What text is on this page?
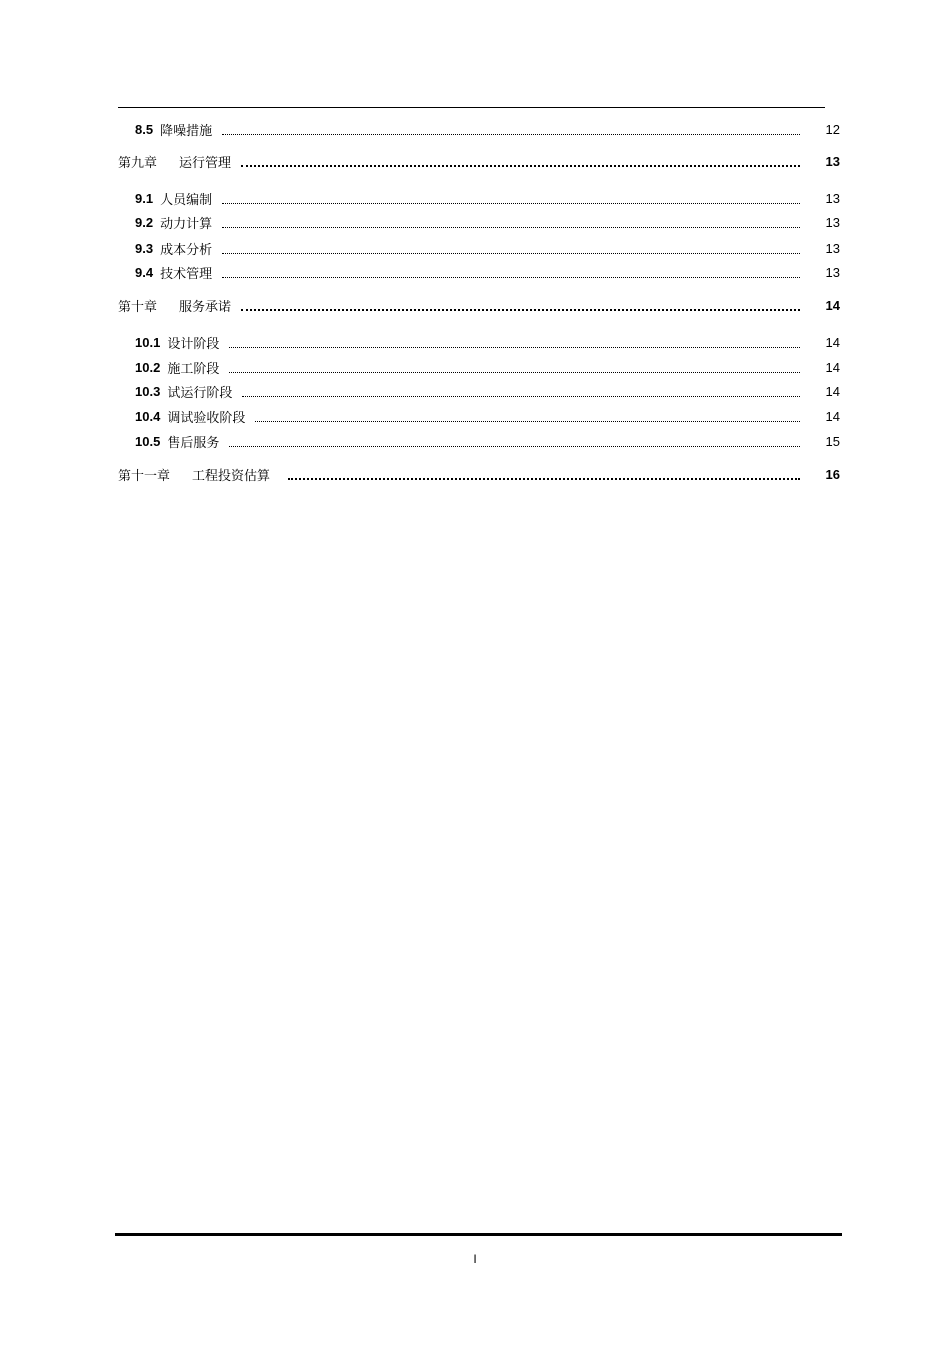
8.5 降噪措施	12
第九章 运行管理	13
9.1 人员编制	13
9.2 动力计算	13
9.3 成本分析	13
9.4 技术管理	13
第十章 服务承诺	14
10.1 设计阶段	14
10.2 施工阶段	14
10.3 试运行阶段	14
10.4 调试验收阶段	14
10.5 售后服务	15
第十一章 工程投资估算	16
I
